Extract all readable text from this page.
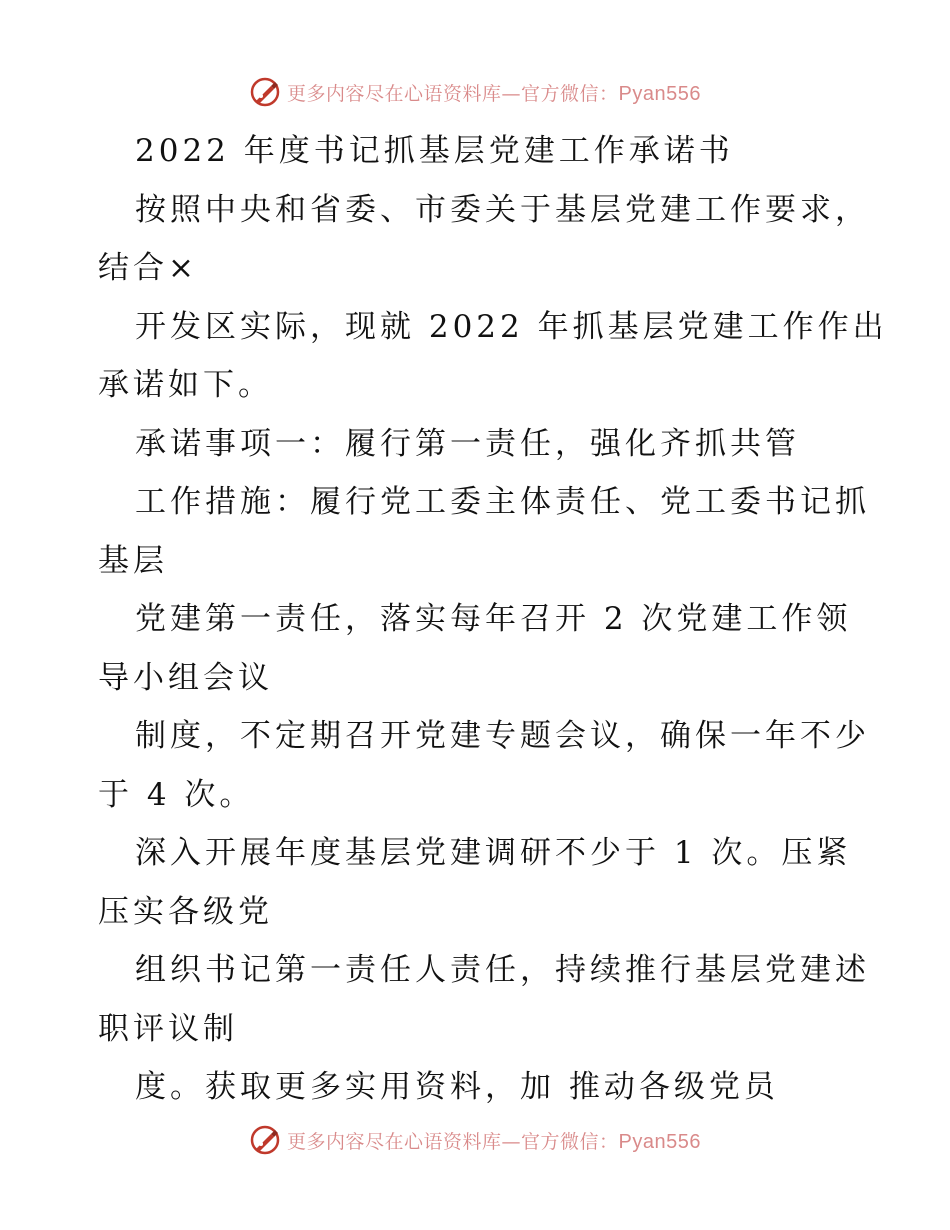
更多内容尽在心语资料库—官方微信：Pyan556
2022 年度书记抓基层党建工作承诺书
按照中央和省委、市委关于基层党建工作要求，
结合×
开发区实际，现就 2022 年抓基层党建工作作出
承诺如下。
承诺事项一：履行第一责任，强化齐抓共管
工作措施：履行党工委主体责任、党工委书记抓
基层
党建第一责任，落实每年召开 2 次党建工作领
导小组会议
制度，不定期召开党建专题会议，确保一年不少
于 4 次。
深入开展年度基层党建调研不少于 1 次。压紧
压实各级党
组织书记第一责任人责任，持续推行基层党建述
职评议制
度。获取更多实用资料，加 推动各级党员
更多内容尽在心语资料库—官方微信：Pyan556
